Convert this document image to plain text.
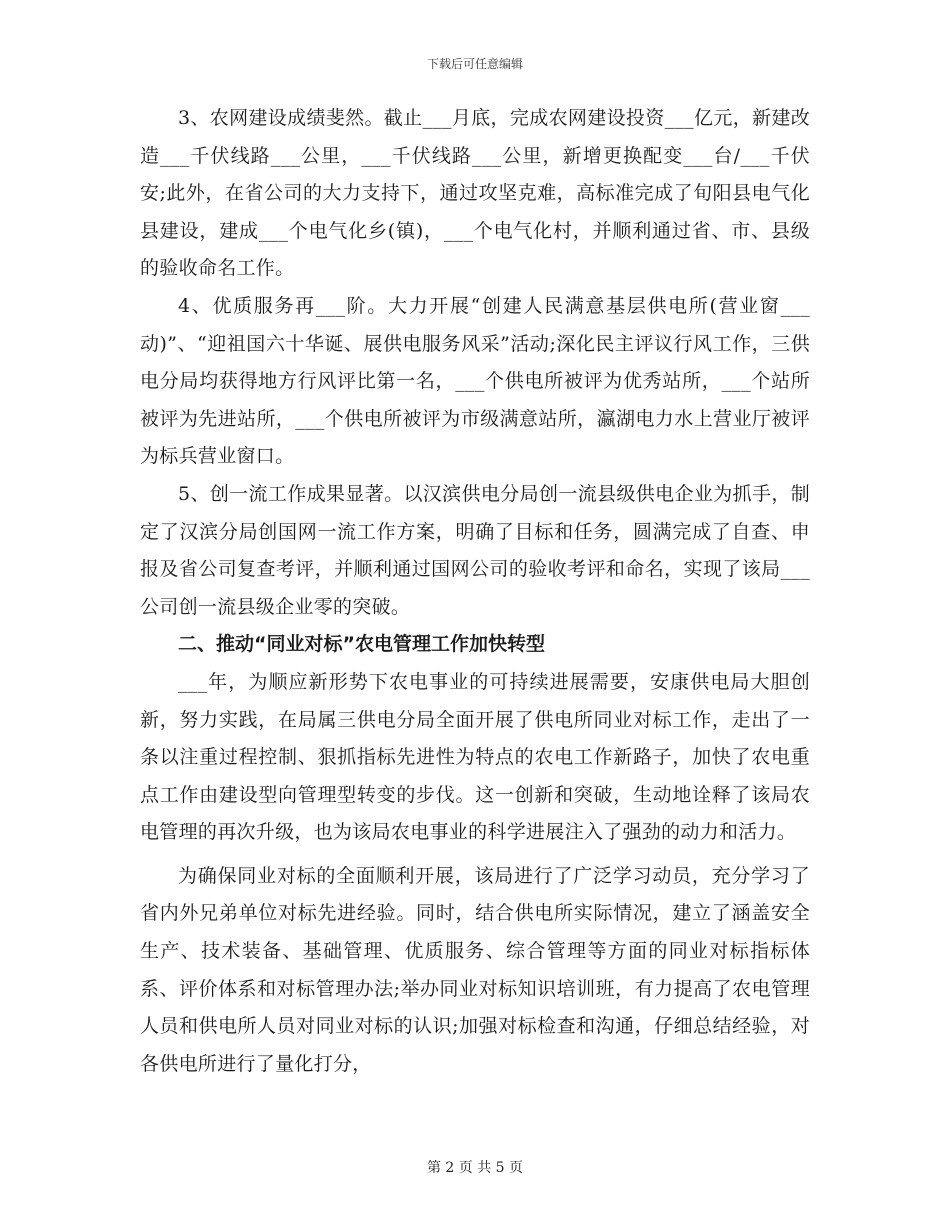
下载后可任意编辑

3、农网建设成绩斐然。截止___月底，完成农网建设投资___亿元，新建改造___千伏线路___公里，___千伏线路___公里，新增更换配变___台/___千伏安;此外，在省公司的大力支持下，通过攻坚克难，高标准完成了旬阳县电气化县建设，建成___个电气化乡(镇)，___个电气化村，并顺利通过省、市、县级的验收命名工作。

4、优质服务再___阶。大力开展“创建人民满意基层供电所(营业窗___动)”、“迎祖国六十华诞、展供电服务风采”活动;深化民主评议行风工作，三供电分局均获得地方行风评比第一名，___个供电所被评为优秀站所，___个站所被评为先进站所，___个供电所被评为市级满意站所，瀛湖电力水上营业厅被评为标兵营业窗口。

5、创一流工作成果显著。以汉滨供电分局创一流县级供电企业为抓手，制定了汉滨分局创国网一流工作方案，明确了目标和任务，圆满完成了自查、申报及省公司复查考评，并顺利通过国网公司的验收考评和命名，实现了该局___公司创一流县级企业零的突破。

二、推动“同业对标”农电管理工作加快转型

___年，为顺应新形势下农电事业的可持续进展需要，安康供电局大胆创新，努力实践，在局属三供电分局全面开展了供电所同业对标工作，走出了一条以注重过程控制、狠抓指标先进性为特点的农电工作新路子，加快了农电重点工作由建设型向管理型转变的步伐。这一创新和突破，生动地诠释了该局农电管理的再次升级，也为该局农电事业的科学进展注入了强劲的动力和活力。

为确保同业对标的全面顺利开展，该局进行了广泛学习动员，充分学习了省内外兄弟单位对标先进经验。同时，结合供电所实际情况，建立了涵盖安全生产、技术装备、基础管理、优质服务、综合管理等方面的同业对标指标体系、评价体系和对标管理办法;举办同业对标知识培训班，有力提高了农电管理人员和供电所人员对同业对标的认识;加强对标检查和沟通，仔细总结经验，对各供电所进行了量化打分，

第 2 页 共 5 页
